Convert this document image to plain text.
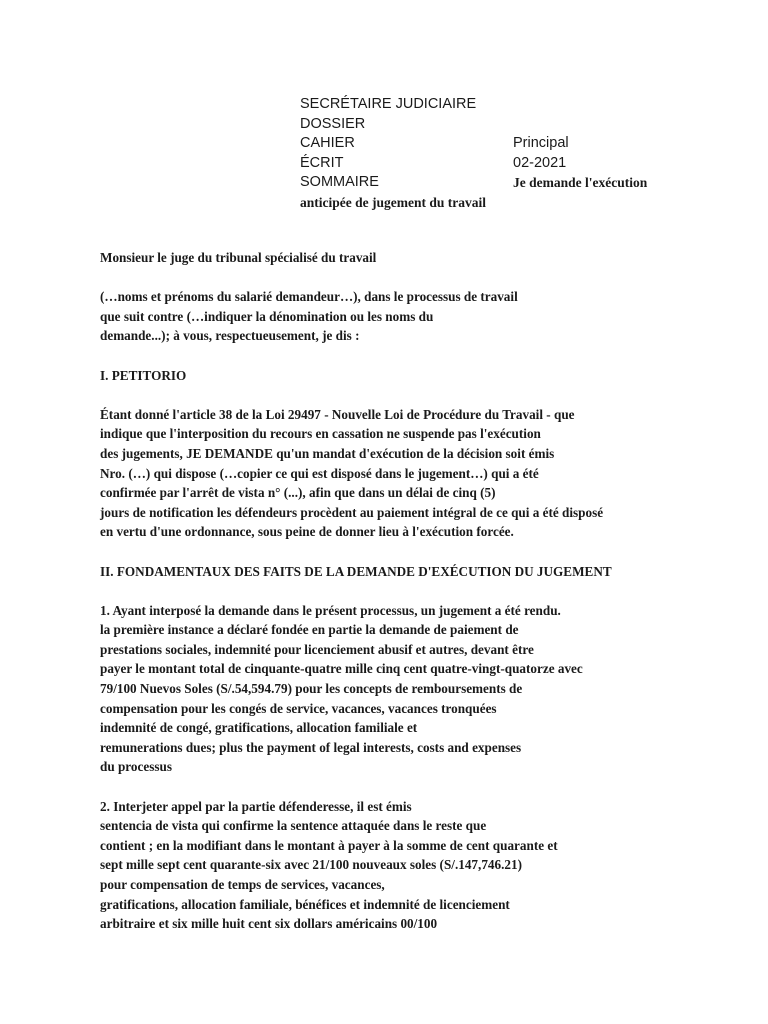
SECRÉTAIRE JUDICIAIRE
DOSSIER
CAHIER	Principal
ÉCRIT	02-2021
SOMMAIRE	Je demande l'exécution
anticipée de jugement du travail
Monsieur le juge du tribunal spécialisé du travail
(…noms et prénoms du salarié demandeur…), dans le processus de travail
que suit contre (…indiquer la dénomination ou les noms du
demande...); à vous, respectueusement, je dis :
I. PETITORIO
Étant donné l'article 38 de la Loi 29497 - Nouvelle Loi de Procédure du Travail - que
indique que l'interposition du recours en cassation ne suspende pas l'exécution
des jugements, JE DEMANDE qu'un mandat d'exécution de la décision soit émis
Nro. (…) qui dispose (…copier ce qui est disposé dans le jugement…) qui a été
confirmée par l'arrêt de vista n° (...), afin que dans un délai de cinq (5)
jours de notification les défendeurs procèdent au paiement intégral de ce qui a été disposé
en vertu d'une ordonnance, sous peine de donner lieu à l'exécution forcée.
II. FONDAMENTAUX DES FAITS DE LA DEMANDE D'EXÉCUTION DU JUGEMENT
1. Ayant interposé la demande dans le présent processus, un jugement a été rendu.
la première instance a déclaré fondée en partie la demande de paiement de
prestations sociales, indemnité pour licenciement abusif et autres, devant être
payer le montant total de cinquante-quatre mille cinq cent quatre-vingt-quatorze avec
79/100 Nuevos Soles (S/.54,594.79) pour les concepts de remboursements de
compensation pour les congés de service, vacances, vacances tronquées
indemnité de congé, gratifications, allocation familiale et
remunerations dues; plus the payment of legal interests, costs and expenses
du processus
2. Interjeter appel par la partie défenderesse, il est émis
sentencia de vista qui confirme la sentence attaquée dans le reste que
contient ; en la modifiant dans le montant à payer à la somme de cent quarante et
sept mille sept cent quarante-six avec 21/100 nouveaux soles (S/.147,746.21)
pour compensation de temps de services, vacances,
gratifications, allocation familiale, bénéfices et indemnité de licenciement
arbitraire et six mille huit cent six dollars américains 00/100
